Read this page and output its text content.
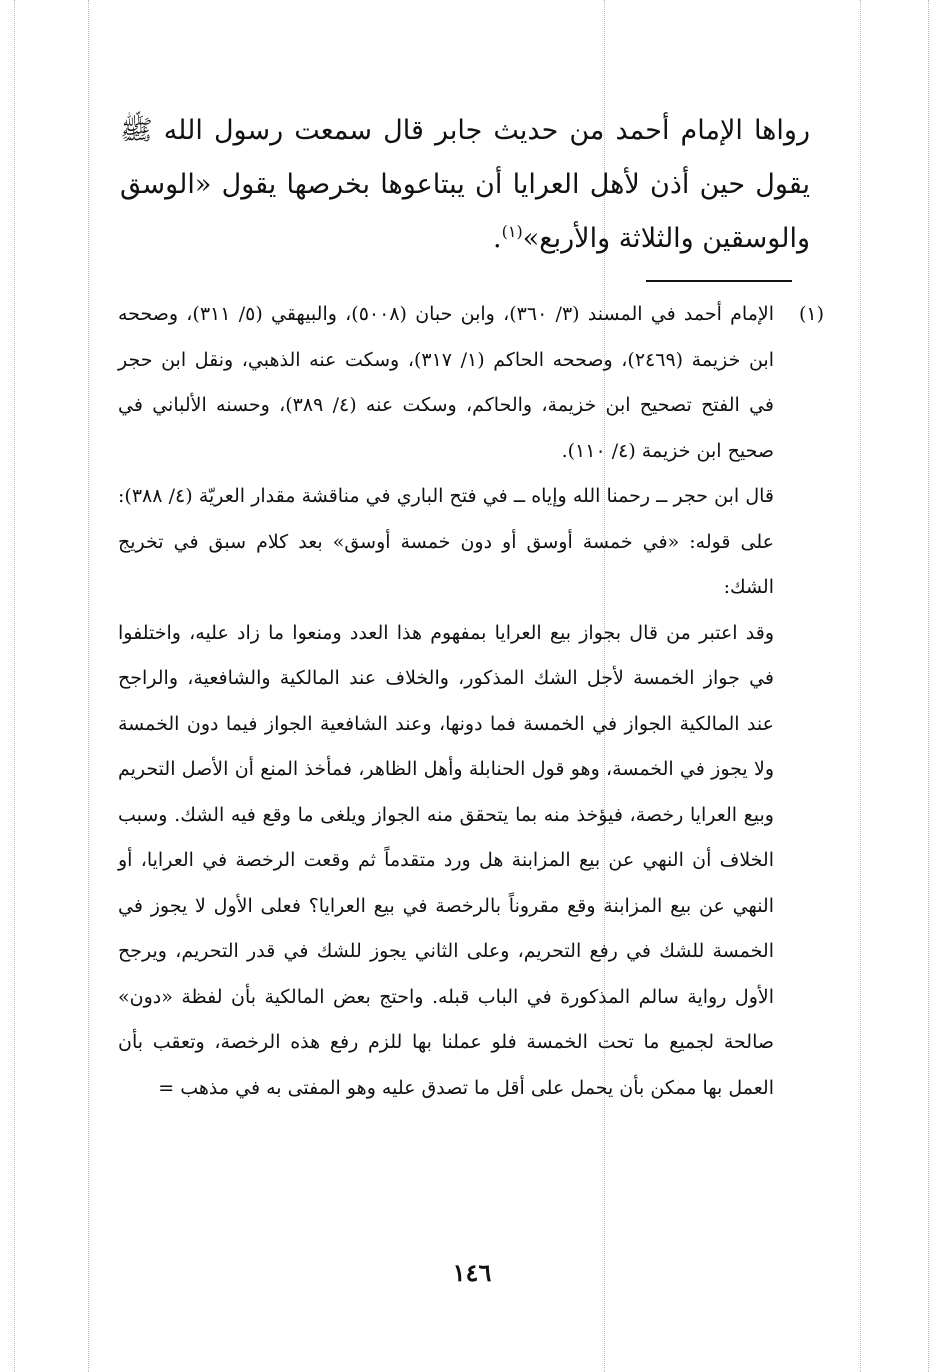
رواها الإمام أحمد من حديث جابر قال سمعت رسول الله ﷺ يقول حين أذن لأهل العرايا أن يبتاعوها بخرصها يقول «الوسق والوسقين والثلاثة والأربع»$^{(١)}$.

(١)

الإمام أحمد في المسند (٣/ ٣٦٠)، وابن حبان (٥٠٠٨)، والبيهقي (٥/ ٣١١)، وصححه ابن خزيمة (٢٤٦٩)، وصححه الحاكم (١/ ٣١٧)، وسكت عنه الذهبي، ونقل ابن حجر في الفتح تصحيح ابن خزيمة، والحاكم، وسكت عنه (٤/ ٣٨٩)، وحسنه الألباني في صحيح ابن خزيمة (٤/ ١١٠).

قال ابن حجر ــ رحمنا الله وإياه ــ في فتح الباري في مناقشة مقدار العريّة (٤/ ٣٨٨): على قوله: «في خمسة أوسق أو دون خمسة أوسق» بعد كلام سبق في تخريج الشك:

وقد اعتبر من قال بجواز بيع العرايا بمفهوم هذا العدد ومنعوا ما زاد عليه، واختلفوا في جواز الخمسة لأجل الشك المذكور، والخلاف عند المالكية والشافعية، والراجح عند المالكية الجواز في الخمسة فما دونها، وعند الشافعية الجواز فيما دون الخمسة ولا يجوز في الخمسة، وهو قول الحنابلة وأهل الظاهر، فمأخذ المنع أن الأصل التحريم وبيع العرايا رخصة، فيؤخذ منه بما يتحقق منه الجواز ويلغى ما وقع فيه الشك. وسبب الخلاف أن النهي عن بيع المزابنة هل ورد متقدماً ثم وقعت الرخصة في العرايا، أو النهي عن بيع المزابنة وقع مقروناً بالرخصة في بيع العرايا؟ فعلى الأول لا يجوز في الخمسة للشك في رفع التحريم، وعلى الثاني يجوز للشك في قدر التحريم، ويرجح الأول رواية سالم المذكورة في الباب قبله. واحتج بعض المالكية بأن لفظة «دون» صالحة لجميع ما تحت الخمسة فلو عملنا بها للزم رفع هذه الرخصة، وتعقب بأن العمل بها ممكن بأن يحمل على أقل ما تصدق عليه وهو المفتى به في مذهب =

١٤٦
